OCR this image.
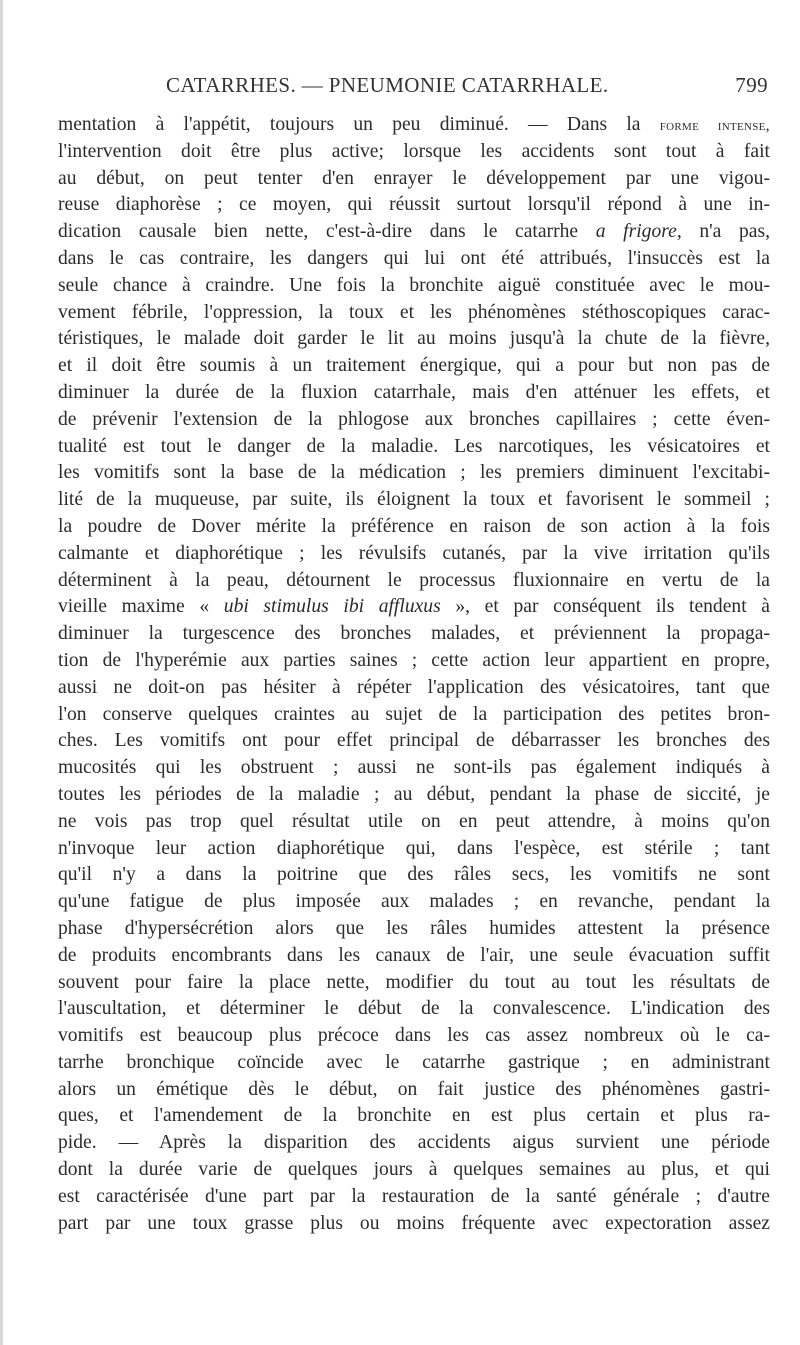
CATARRHES. — PNEUMONIE CATARRHALE.	799
mentation à l'appétit, toujours un peu diminué. — Dans la forme intense,
l'intervention doit être plus active; lorsque les accidents sont tout à fait
au début, on peut tenter d'en enrayer le développement par une vigou-
reuse diaphorèse ; ce moyen, qui réussit surtout lorsqu'il répond à une in-
dication causale bien nette, c'est-à-dire dans le catarrhe a frigore, n'a pas,
dans le cas contraire, les dangers qui lui ont été attribués, l'insuccès est la
seule chance à craindre. Une fois la bronchite aiguë constituée avec le mou-
vement fébrile, l'oppression, la toux et les phénomènes stéthoscopiques carac-
téristiques, le malade doit garder le lit au moins jusqu'à la chute de la fièvre,
et il doit être soumis à un traitement énergique, qui a pour but non pas de
diminuer la durée de la fluxion catarrhale, mais d'en atténuer les effets, et
de prévenir l'extension de la phlogose aux bronches capillaires ; cette éven-
tualité est tout le danger de la maladie. Les narcotiques, les vésicatoires et
les vomitifs sont la base de la médication ; les premiers diminuent l'excitabi-
lité de la muqueuse, par suite, ils éloignent la toux et favorisent le sommeil ;
la poudre de Dover mérite la préférence en raison de son action à la fois
calmante et diaphorétique ; les révulsifs cutanés, par la vive irritation qu'ils
déterminent à la peau, détournent le processus fluxionnaire en vertu de la
vieille maxime « ubi stimulus ibi affluxus », et par conséquent ils tendent à
diminuer la turgescence des bronches malades, et préviennent la propaga-
tion de l'hyperémie aux parties saines ; cette action leur appartient en propre,
aussi ne doit-on pas hésiter à répéter l'application des vésicatoires, tant que
l'on conserve quelques craintes au sujet de la participation des petites bron-
ches. Les vomitifs ont pour effet principal de débarrasser les bronches des
mucosités qui les obstruent ; aussi ne sont-ils pas également indiqués à
toutes les périodes de la maladie ; au début, pendant la phase de siccité, je
ne vois pas trop quel résultat utile on en peut attendre, à moins qu'on
n'invoque leur action diaphorétique qui, dans l'espèce, est stérile ; tant
qu'il n'y a dans la poitrine que des râles secs, les vomitifs ne sont
qu'une fatigue de plus imposée aux malades ; en revanche, pendant la
phase d'hypersécrétion alors que les râles humides attestent la présence
de produits encombrants dans les canaux de l'air, une seule évacuation suffit
souvent pour faire la place nette, modifier du tout au tout les résultats de
l'auscultation, et déterminer le début de la convalescence. L'indication des
vomitifs est beaucoup plus précoce dans les cas assez nombreux où le ca-
tarrhe bronchique coïncide avec le catarrhe gastrique ; en administrant
alors un émétique dès le début, on fait justice des phénomènes gastri-
ques, et l'amendement de la bronchite en est plus certain et plus ra-
pide. — Après la disparition des accidents aigus survient une période
dont la durée varie de quelques jours à quelques semaines au plus, et qui
est caractérisée d'une part par la restauration de la santé générale ; d'autre
part par une toux grasse plus ou moins fréquente avec expectoration assez
